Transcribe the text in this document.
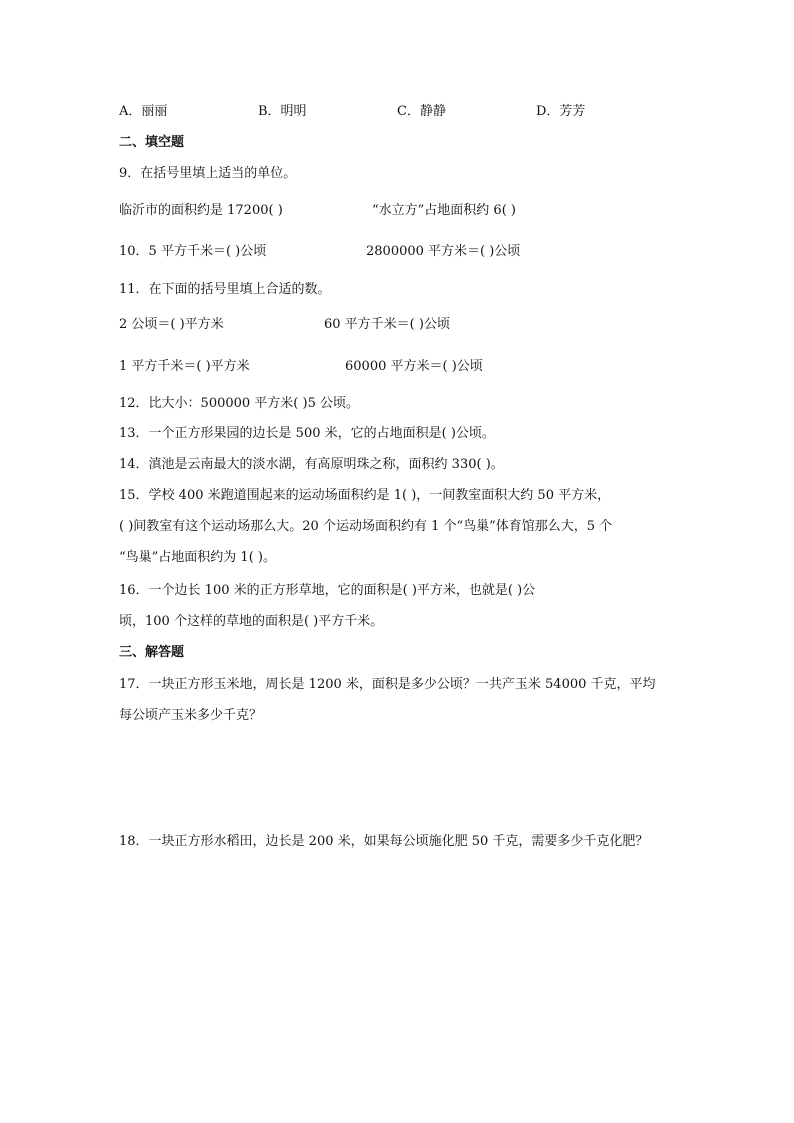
A．丽丽	B．明明	C．静静	D．芳芳
二、填空题
9．在括号里填上适当的单位。
临沂市的面积约是 17200( )	“水立方”占地面积约 6( )
10．5 平方千米＝( )公顷	2800000 平方米＝( )公顷
11．在下面的括号里填上合适的数。
2 公顷＝( )平方米	60 平方千米＝( )公顷
1 平方千米＝( )平方米	60000 平方米＝( )公顷
12．比大小：500000 平方米( )5 公顷。
13．一个正方形果园的边长是 500 米，它的占地面积是( )公顷。
14．滇池是云南最大的淡水湖，有高原明珠之称，面积约 330( )。
15．学校 400 米跑道围起来的运动场面积约是 1( )，一间教室面积大约 50 平方米，
( )间教室有这个运动场那么大。20 个运动场面积约有 1 个“鸟巢”体育馆那么大，5 个
“鸟巢”占地面积约为 1( )。
16．一个边长 100 米的正方形草地，它的面积是( )平方米，也就是( )公
顷，100 个这样的草地的面积是( )平方千米。
三、解答题
17．一块正方形玉米地，周长是 1200 米，面积是多少公顷？一共产玉米 54000 千克，平均
每公顷产玉米多少千克？
18．一块正方形水稻田，边长是 200 米，如果每公顷施化肥 50 千克，需要多少千克化肥？
